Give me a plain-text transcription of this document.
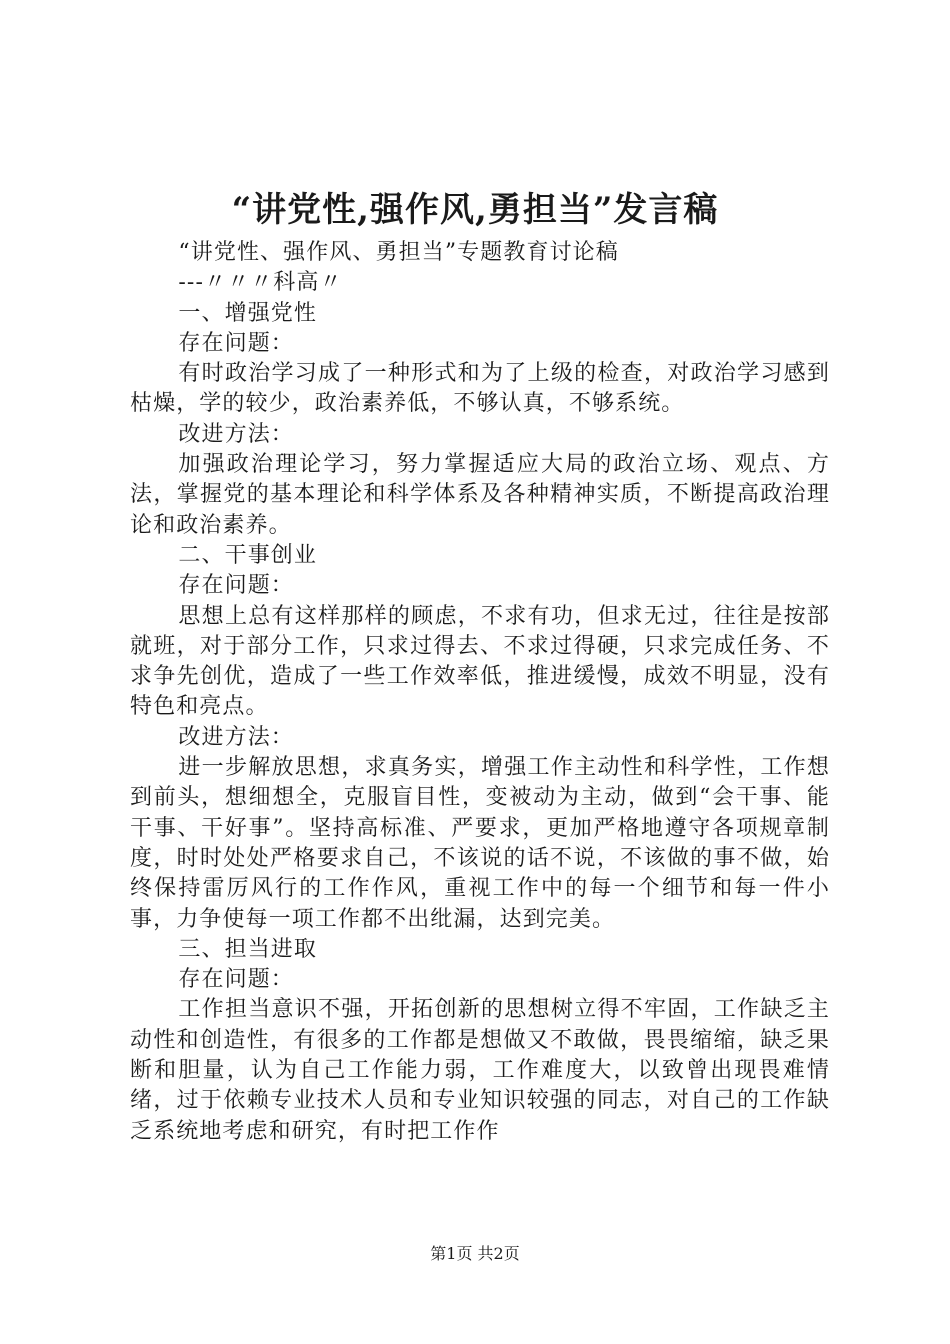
“讲党性,强作风,勇担当”发言稿

“讲党性、强作风、勇担当”专题教育讨论稿

---〃〃〃科高〃

一、增强党性

存在问题：

有时政治学习成了一种形式和为了上级的检查，对政治学习感到枯燥，学的较少，政治素养低，不够认真，不够系统。

改进方法：

加强政治理论学习，努力掌握适应大局的政治立场、观点、方法，掌握党的基本理论和科学体系及各种精神实质，不断提高政治理论和政治素养。

二、干事创业

存在问题：

思想上总有这样那样的顾虑，不求有功，但求无过，往往是按部就班，对于部分工作，只求过得去、不求过得硬，只求完成任务、不求争先创优，造成了一些工作效率低，推进缓慢，成效不明显，没有特色和亮点。

改进方法：

进一步解放思想，求真务实，增强工作主动性和科学性，工作想到前头，想细想全，克服盲目性，变被动为主动，做到“会干事、能干事、干好事”。坚持高标准、严要求，更加严格地遵守各项规章制度，时时处处严格要求自己，不该说的话不说，不该做的事不做，始终保持雷厉风行的工作作风，重视工作中的每一个细节和每一件小事，力争使每一项工作都不出纰漏，达到完美。

三、担当进取

存在问题：

工作担当意识不强，开拓创新的思想树立得不牢固，工作缺乏主动性和创造性，有很多的工作都是想做又不敢做，畏畏缩缩，缺乏果断和胆量，认为自己工作能力弱，工作难度大，以致曾出现畏难情绪，过于依赖专业技术人员和专业知识较强的同志，对自己的工作缺乏系统地考虑和研究，有时把工作作

第1页 共2页
